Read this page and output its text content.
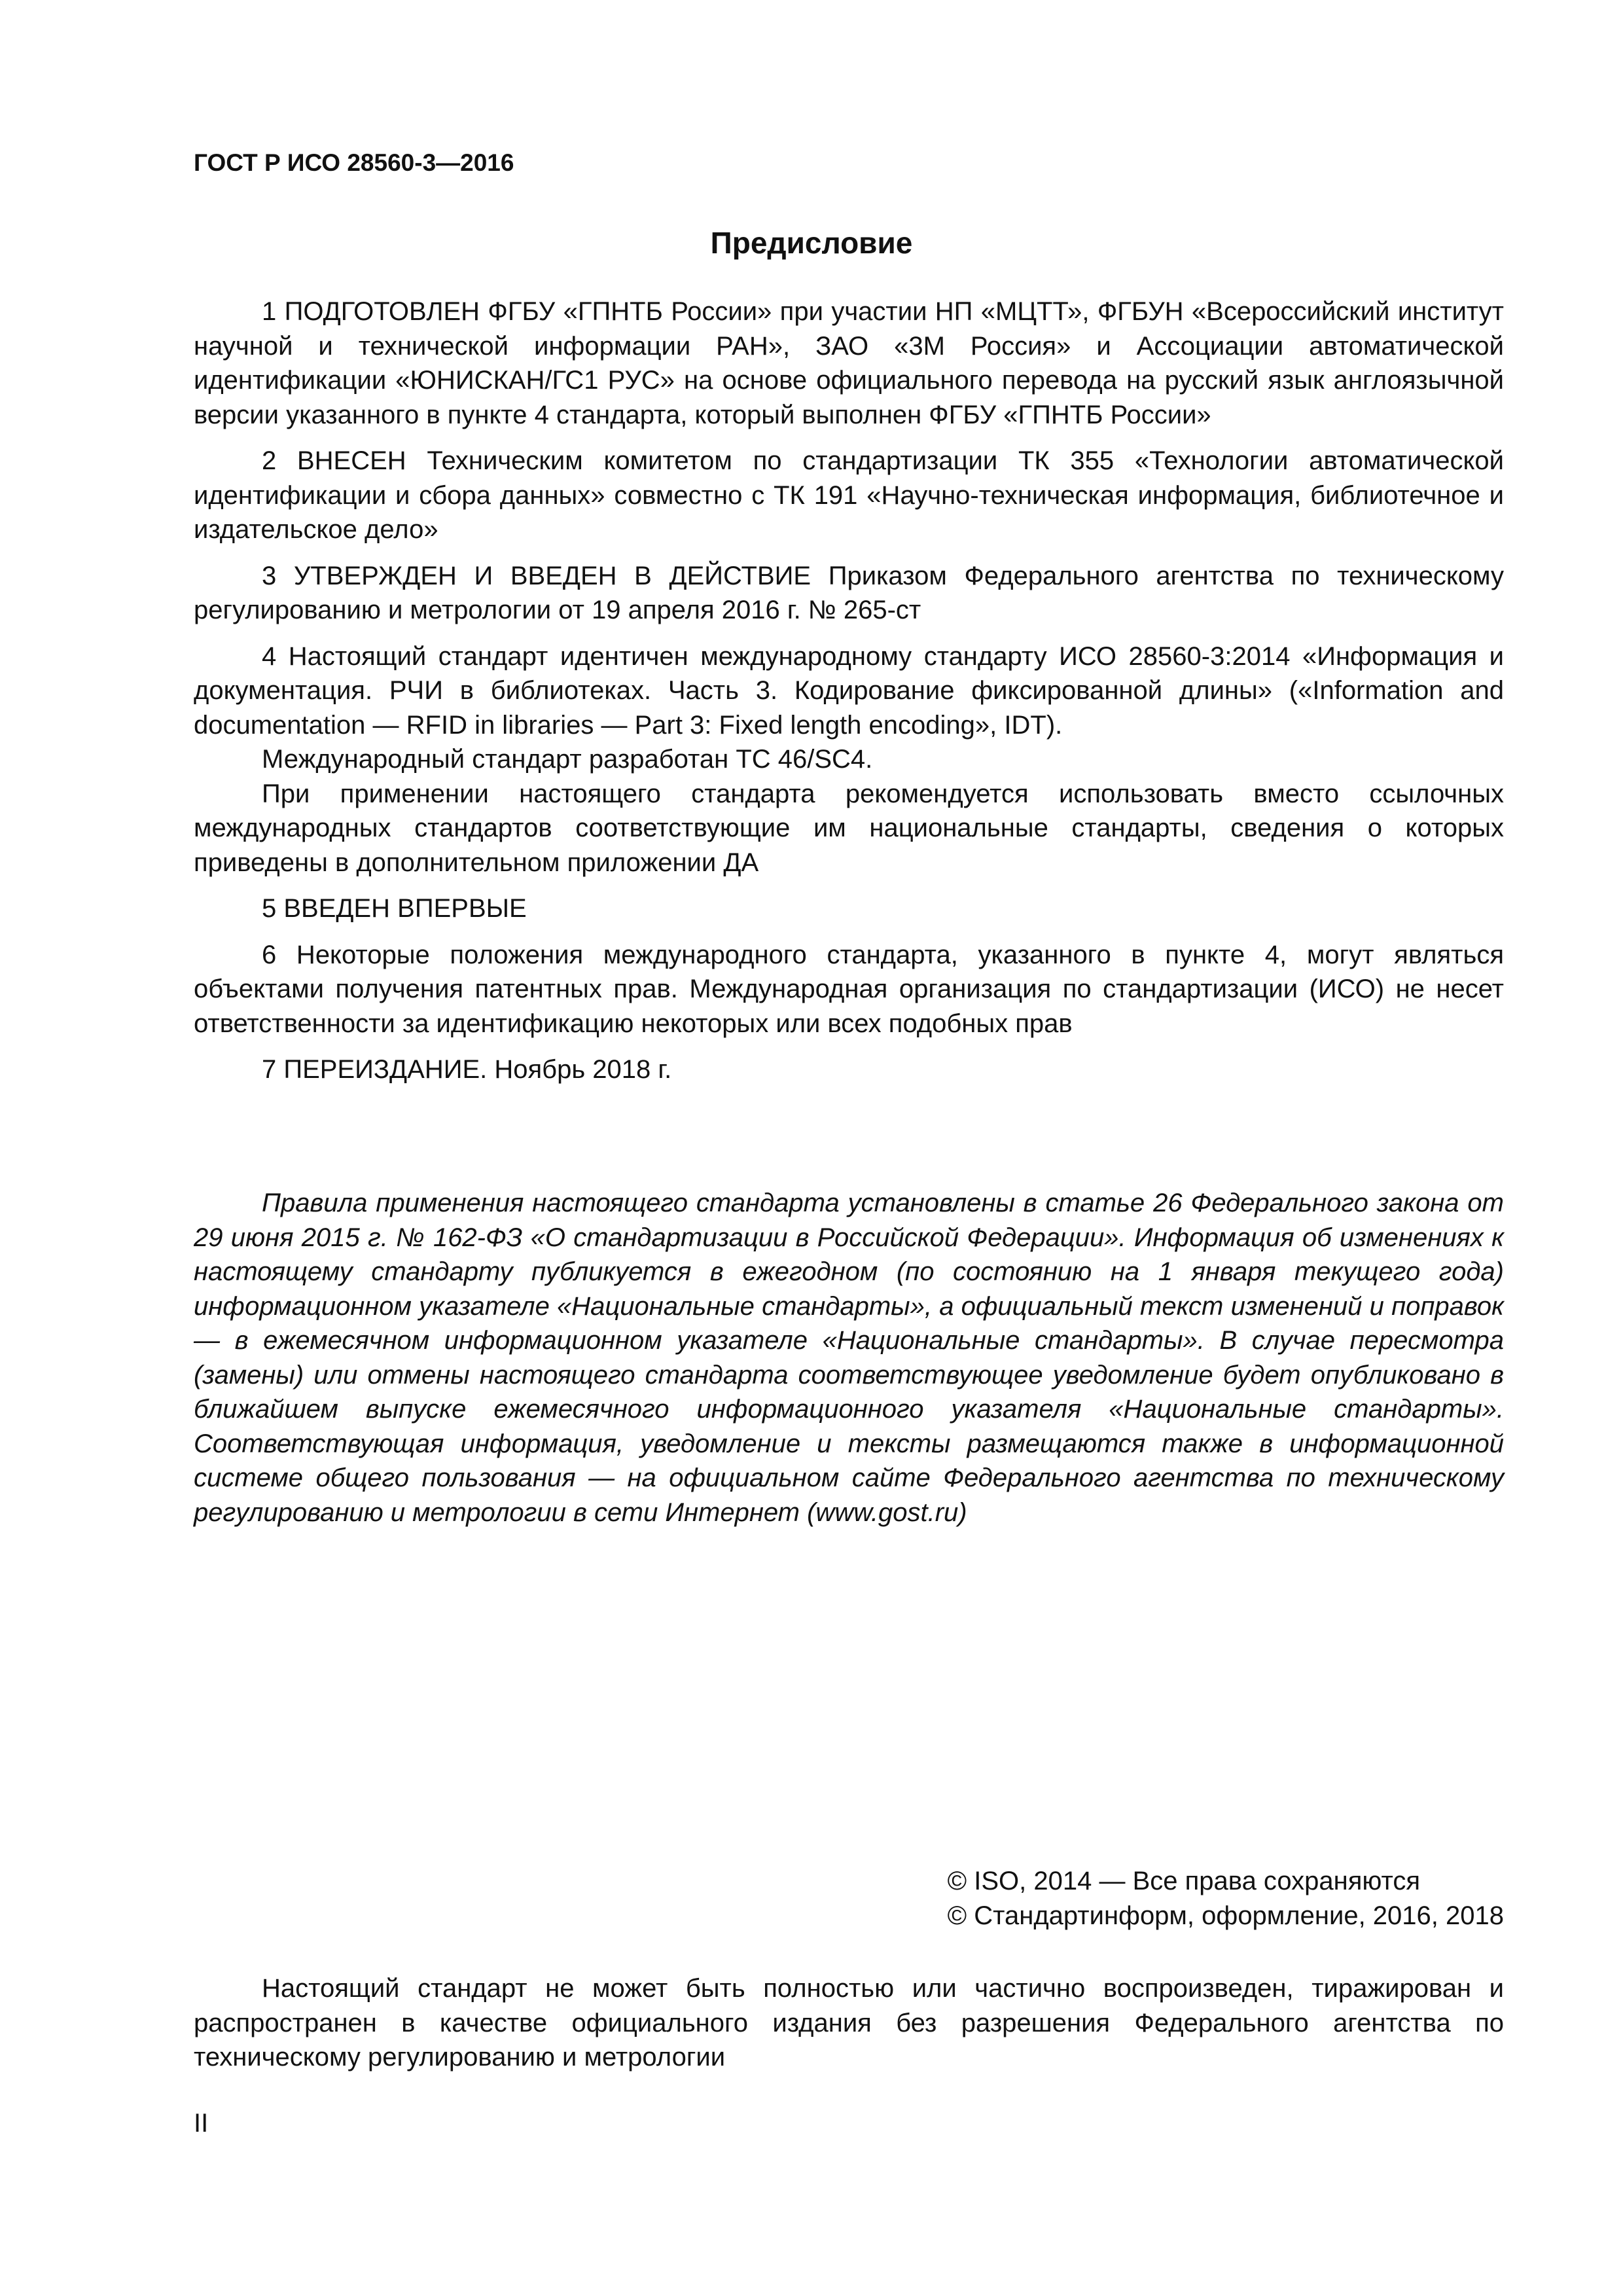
ГОСТ Р ИСО 28560-3—2016
Предисловие

1 ПОДГОТОВЛЕН ФГБУ «ГПНТБ России» при участии НП «МЦТТ», ФГБУН «Всероссийский институт научной и технической информации РАН», ЗАО «3М Россия» и Ассоциации автоматической идентификации «ЮНИСКАН/ГС1 РУС» на основе официального перевода на русский язык англоязычной версии указанного в пункте 4 стандарта, который выполнен ФГБУ «ГПНТБ России»

2 ВНЕСЕН Техническим комитетом по стандартизации ТК 355 «Технологии автоматической идентификации и сбора данных» совместно с ТК 191 «Научно-техническая информация, библиотечное и издательское дело»

3 УТВЕРЖДЕН И ВВЕДЕН В ДЕЙСТВИЕ Приказом Федерального агентства по техническому регулированию и метрологии от 19 апреля 2016 г. № 265-ст

4 Настоящий стандарт идентичен международному стандарту ИСО 28560-3:2014 «Информация и документация. РЧИ в библиотеках. Часть 3. Кодирование фиксированной длины» («Information and documentation — RFID in libraries — Part 3: Fixed length encoding», IDT).

Международный стандарт разработан ТС 46/SC4.

При применении настоящего стандарта рекомендуется использовать вместо ссылочных международных стандартов соответствующие им национальные стандарты, сведения о которых приведены в дополнительном приложении ДА

5 ВВЕДЕН ВПЕРВЫЕ

6 Некоторые положения международного стандарта, указанного в пункте 4, могут являться объектами получения патентных прав. Международная организация по стандартизации (ИСО) не несет ответственности за идентификацию некоторых или всех подобных прав

7 ПЕРЕИЗДАНИЕ. Ноябрь 2018 г.

Правила применения настоящего стандарта установлены в статье 26 Федерального закона от 29 июня 2015 г. № 162-ФЗ «О стандартизации в Российской Федерации». Информация об изменениях к настоящему стандарту публикуется в ежегодном (по состоянию на 1 января текущего года) информационном указателе «Национальные стандарты», а официальный текст изменений и поправок — в ежемесячном информационном указателе «Национальные стандарты». В случае пересмотра (замены) или отмены настоящего стандарта соответствующее уведомление будет опубликовано в ближайшем выпуске ежемесячного информационного указателя «Национальные стандарты». Соответствующая информация, уведомление и тексты размещаются также в информационной системе общего пользования — на официальном сайте Федерального агентства по техническому регулированию и метрологии в сети Интернет (www.gost.ru)

© ISO, 2014 — Все права сохраняются
© Стандартинформ, оформление, 2016, 2018

Настоящий стандарт не может быть полностью или частично воспроизведен, тиражирован и распространен в качестве официального издания без разрешения Федерального агентства по техническому регулированию и метрологии

II
